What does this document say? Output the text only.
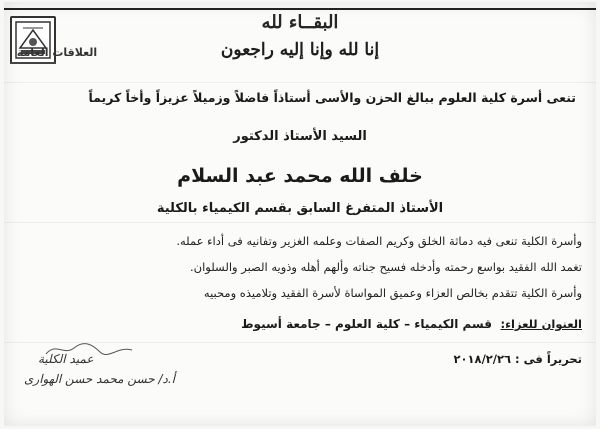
العلاقات العامة
البقــاء لله
إنا لله وإنا إليه راجعون
تنعى أسرة كلية العلوم ببالغ الحزن والأسى أستاذاً فاضلاً وزميلاً عزيزاً وأخاً كريماً
السيد الأستاذ الدكتور
خلف الله محمد عبد السلام
الأستاذ المتفرغ السابق بقسم الكيمياء بالكلية
وأسرة الكلية تنعى فيه دماثة الخلق وكريم الصفات وعلمه الغزير وتفانيه فى أداء عمله.
تغمد الله الفقيد بواسع رحمته وأدخله فسيح جناته وألهم أهله وذويه الصبر والسلوان.
وأسرة الكلية تتقدم بخالص العزاء وعميق المواساة لأسرة الفقيد وتلاميذه ومحبيه
العنوان للعزاء:
قسم الكيمياء – كلية العلوم – جامعة أسيوط
تحريراً فى : ٢٠١٨/٢/٢٦
عميد الكلية
أ.د/ حسن محمد حسن الهوارى
